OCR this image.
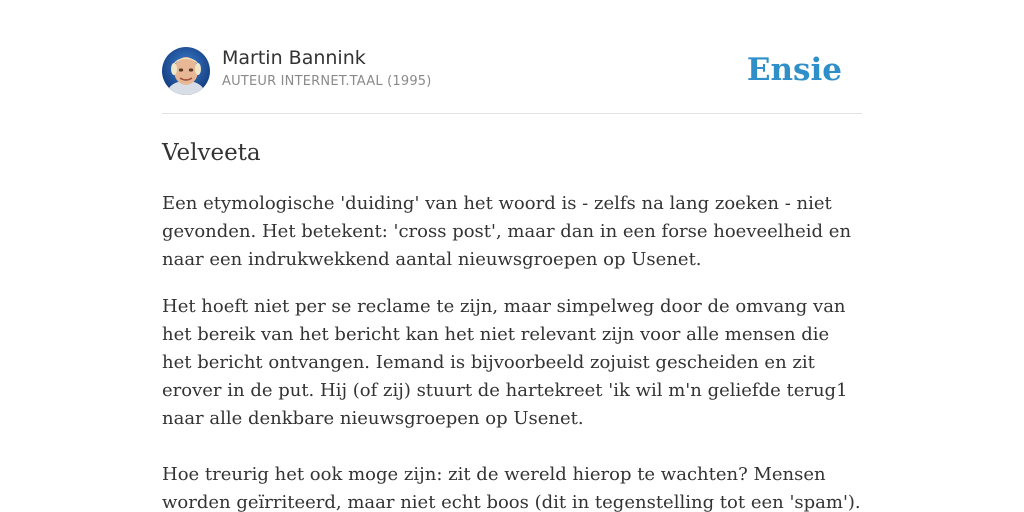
Martin Bannink
AUTEUR INTERNET.TAAL (1995)	Ensie
Velveeta

Een etymologische 'duiding' van het woord is - zelfs na lang zoeken - niet gevonden. Het betekent: 'cross post', maar dan in een forse hoeveelheid en naar een indrukwekkend aantal nieuwsgroepen op Usenet.

Het hoeft niet per se reclame te zijn, maar simpelweg door de omvang van het bereik van het bericht kan het niet relevant zijn voor alle mensen die het bericht ontvangen. Iemand is bijvoorbeeld zojuist gescheiden en zit erover in de put. Hij (of zij) stuurt de hartekreet 'ik wil m'n geliefde terug1 naar alle denkbare nieuwsgroepen op Usenet.

Hoe treurig het ook moge zijn: zit de wereld hierop te wachten? Mensen worden geïrriteerd, maar niet echt boos (dit in tegenstelling tot een 'spam').
